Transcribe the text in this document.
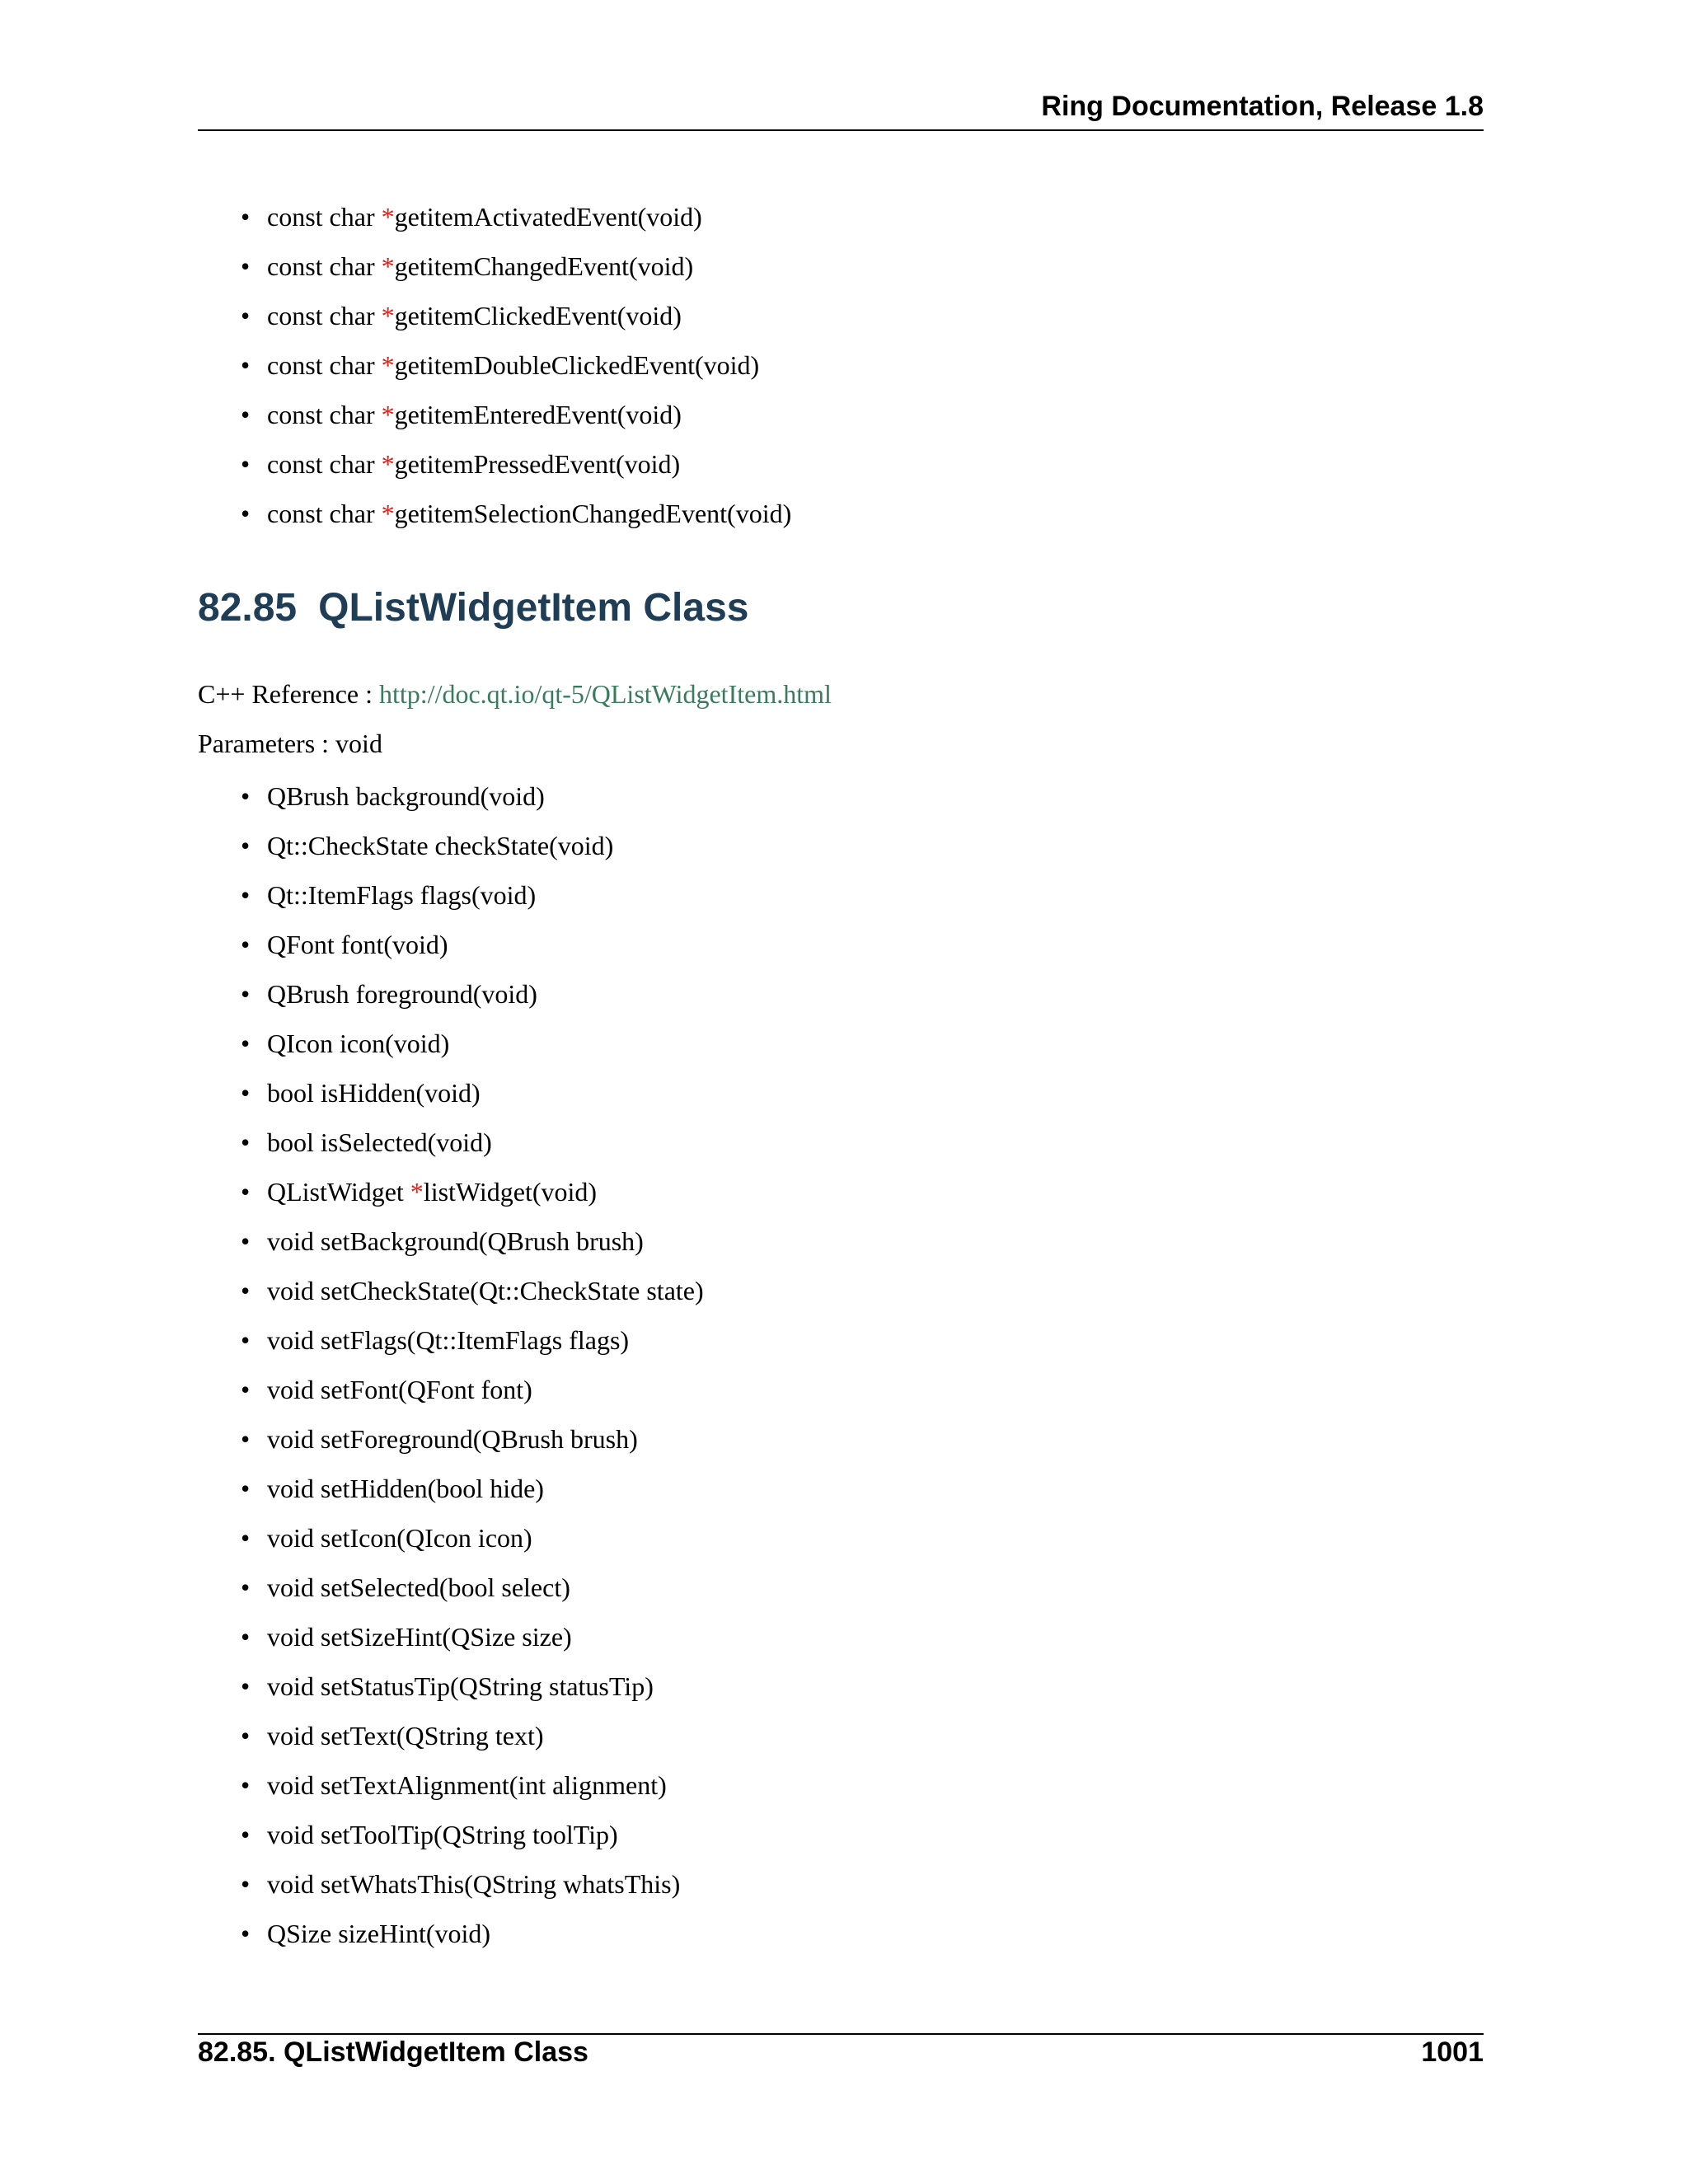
Ring Documentation, Release 1.8
• const char *getitemActivatedEvent(void)
• const char *getitemChangedEvent(void)
• const char *getitemClickedEvent(void)
• const char *getitemDoubleClickedEvent(void)
• const char *getitemEnteredEvent(void)
• const char *getitemPressedEvent(void)
• const char *getitemSelectionChangedEvent(void)
82.85 QListWidgetItem Class
C++ Reference : http://doc.qt.io/qt-5/QListWidgetItem.html
Parameters : void
• QBrush background(void)
• Qt::CheckState checkState(void)
• Qt::ItemFlags flags(void)
• QFont font(void)
• QBrush foreground(void)
• QIcon icon(void)
• bool isHidden(void)
• bool isSelected(void)
• QListWidget *listWidget(void)
• void setBackground(QBrush brush)
• void setCheckState(Qt::CheckState state)
• void setFlags(Qt::ItemFlags flags)
• void setFont(QFont font)
• void setForeground(QBrush brush)
• void setHidden(bool hide)
• void setIcon(QIcon icon)
• void setSelected(bool select)
• void setSizeHint(QSize size)
• void setStatusTip(QString statusTip)
• void setText(QString text)
• void setTextAlignment(int alignment)
• void setToolTip(QString toolTip)
• void setWhatsThis(QString whatsThis)
• QSize sizeHint(void)
82.85. QListWidgetItem Class	1001
